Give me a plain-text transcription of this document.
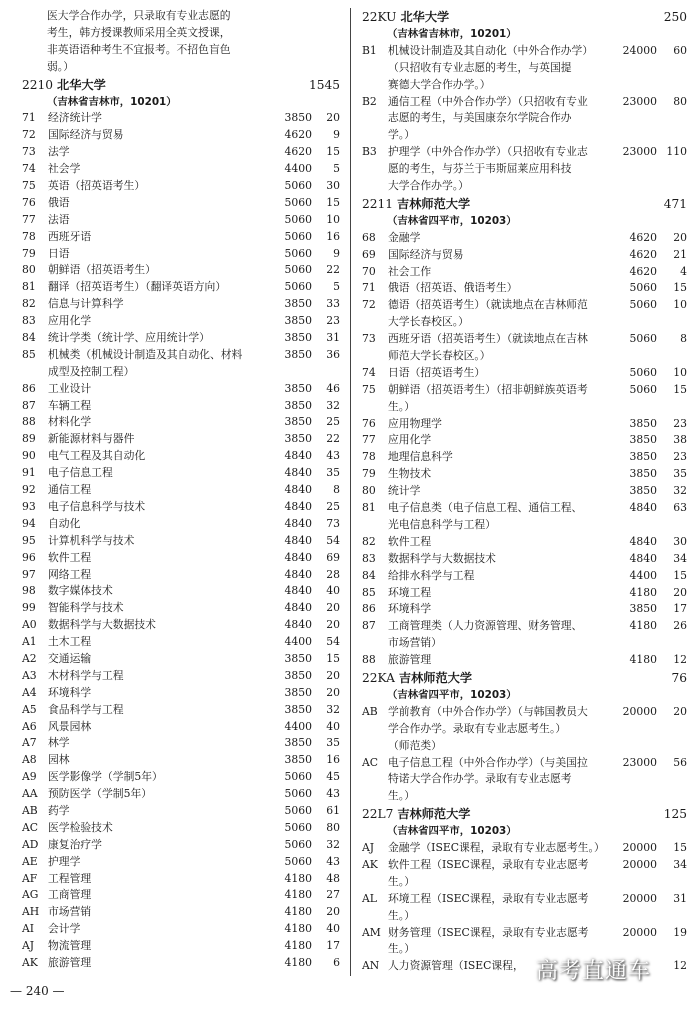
医大学合作办学，只录取有专业志愿的
考生，韩方授课教师采用全英文授课，
非英语语种考生不宜报考。不招色盲色
弱。）
2210 北华大学	1545
（吉林省吉林市，10201）
71	经济统计学	3850	20
72	国际经济与贸易	4620	9
73	法学	4620	15
74	社会学	4400	5
75	英语（招英语考生）	5060	30
76	俄语	5060	15
77	法语	5060	10
78	西班牙语	5060	16
79	日语	5060	9
80	朝鲜语（招英语考生）	5060	22
81	翻译（招英语考生）（翻译英语方向）	5060	5
82	信息与计算科学	3850	33
83	应用化学	3850	23
84	统计学类（统计学、应用统计学）	3850	31
85	机械类（机械设计制造及其自动化、材料	3850	36
成型及控制工程）
86	工业设计	3850	46
87	车辆工程	3850	32
88	材料化学	3850	25
89	新能源材料与器件	3850	22
90	电气工程及其自动化	4840	43
91	电子信息工程	4840	35
92	通信工程	4840	8
93	电子信息科学与技术	4840	25
94	自动化	4840	73
95	计算机科学与技术	4840	54
96	软件工程	4840	69
97	网络工程	4840	28
98	数字媒体技术	4840	40
99	智能科学与技术	4840	20
A0	数据科学与大数据技术	4840	20
A1	土木工程	4400	54
A2	交通运输	3850	15
A3	木材科学与工程	3850	20
A4	环境科学	3850	20
A5	食品科学与工程	3850	32
A6	风景园林	4400	40
A7	林学	3850	35
A8	园林	3850	16
A9	医学影像学（学制5年）	5060	45
AA 预防医学（学制5年）	5060	43
AB 药学	5060	61
AC 医学检验技术	5060	80
AD 康复治疗学	5060	32
AE 护理学	5060	43
AF 工程管理	4180	48
AG 工商管理	4180	27
AH 市场营销	4180	20
AI	会计学	4180	40
AJ	物流管理	4180	17
AK 旅游管理	4180	6
22KU 北华大学	250
（吉林省吉林市，10201）
B1	机械设计制造及其自动化（中外合作办学）	24000	60
（只招收有专业志愿的考生，与英国提
赛德大学合作办学。）
B2	通信工程（中外合作办学）（只招收有专业	23000	80
志愿的考生，与美国康奈尔学院合作办
学。）
B3	护理学（中外合作办学）（只招收有专业志	23000 110
愿的考生，与芬兰于韦斯屈莱应用科技
大学合作办学。）
2211 吉林师范大学	471
（吉林省四平市，10203）
68	金融学	4620	20
69	国际经济与贸易	4620	21
70	社会工作	4620	4
71	俄语（招英语、俄语考生）	5060	15
72	德语（招英语考生）（就读地点在吉林师范	5060	10
大学长春校区。）
73	西班牙语（招英语考生）（就读地点在吉林	5060	8
师范大学长春校区。）
74	日语（招英语考生）	5060	10
75	朝鲜语（招英语考生）（招非朝鲜族英语考	5060	15
生。）
76	应用物理学	3850	23
77	应用化学	3850	38
78	地理信息科学	3850	23
79	生物技术	3850	35
80	统计学	3850	32
81	电子信息类（电子信息工程、通信工程、	4840	63
光电信息科学与工程）
82	软件工程	4840	30
83	数据科学与大数据技术	4840	34
84	给排水科学与工程	4400	15
85	环境工程	4180	20
86	环境科学	3850	17
87	工商管理类（人力资源管理、财务管理、	4180	26
市场营销）
88	旅游管理	4180	12
22KA 吉林师范大学	76
（吉林省四平市，10203）
AB 学前教育（中外合作办学）（与韩国教员大	20000	20
学合作办学。录取有专业志愿考生。）
（师范类）
AC 电子信息工程（中外合作办学）（与美国拉	23000	56
特诺大学合作办学。录取有专业志愿考
生。）
22L7 吉林师范大学	125
（吉林省四平市，10203）
AJ	金融学（ISEC课程，录取有专业志愿考生。）	20000	15
AK 软件工程（ISEC课程，录取有专业志愿考	20000	34
生。）
AL	环境工程（ISEC课程，录取有专业志愿考	20000	31
生。）
AM 财务管理（ISEC课程，录取有专业志愿考	20000	19
生。）
AN 人力资源管理（ISEC课程，	12
— 240 —
高考直通车
